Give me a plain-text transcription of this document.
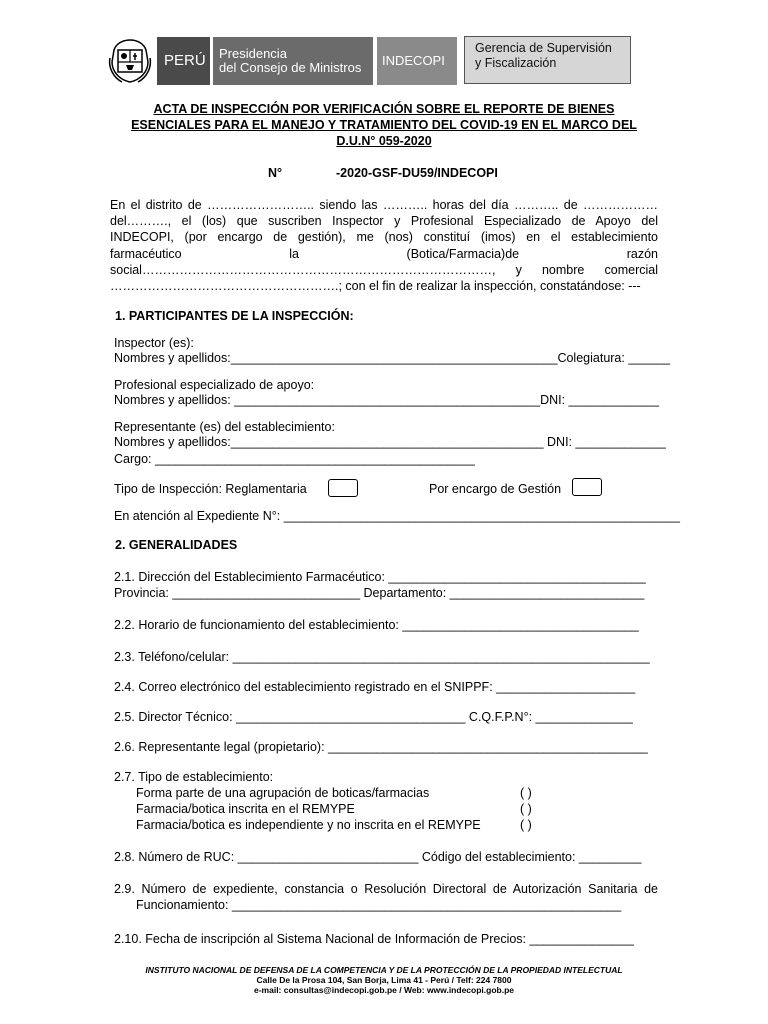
PERÚ Presidencia
del Consejo de Ministros INDECOPI
Gerencia de Supervisión
y Fiscalización
ACTA DE INSPECCIÓN POR VERIFICACIÓN SOBRE EL REPORTE DE BIENES
ESENCIALES PARA EL MANEJO Y TRATAMIENTO DEL COVID-19 EN EL MARCO DEL
D.U.N° 059-2020
N°	-2020-GSF-DU59/INDECOPI
En el distrito de …………………….. siendo las ……….. horas del día ……….. de ………………
del………., el (los) que suscriben Inspector y Profesional Especializado de Apoyo del
INDECOPI, (por encargo de gestión), me (nos) constituí (imos) en el establecimiento
farmacéutico la (Botica/Farmacia)de razón
social…………………………………………………………………………, y nombre comercial
……………………………………………….; con el fin de realizar la inspección, constatándose: ---
1. PARTICIPANTES DE LA INSPECCIÓN:
Inspector (es):
Nombres y apellidos:_______________________________________________Colegiatura: ______
Profesional especializado de apoyo:
Nombres y apellidos: ____________________________________________DNI: _____________
Representante (es) del establecimiento:
Nombres y apellidos:_____________________________________________ DNI: _____________
Cargo: ______________________________________________
Tipo de Inspección: Reglamentaria	Por encargo de Gestión
En atención al Expediente N°: _________________________________________________________
2. GENERALIDADES
2.1. Dirección del Establecimiento Farmacéutico: _____________________________________
Provincia: ___________________________ Departamento: ____________________________
2.2. Horario de funcionamiento del establecimiento: __________________________________
2.3. Teléfono/celular: ____________________________________________________________
2.4. Correo electrónico del establecimiento registrado en el SNIPPF: ____________________
2.5. Director Técnico: _________________________________ C.Q.F.P.N°: ______________
2.6. Representante legal (propietario): ______________________________________________
2.7. Tipo de establecimiento:
Forma parte de una agrupación de boticas/farmacias	( )
Farmacia/botica inscrita en el REMYPE	( )
Farmacia/botica es independiente y no inscrita en el REMYPE	( )
2.8. Número de RUC: __________________________ Código del establecimiento: _________
2.9. Número de expediente, constancia o Resolución Directoral de Autorización Sanitaria de
Funcionamiento: ________________________________________________________
2.10. Fecha de inscripción al Sistema Nacional de Información de Precios: _______________
INSTITUTO NACIONAL DE DEFENSA DE LA COMPETENCIA Y DE LA PROTECCIÓN DE LA PROPIEDAD INTELECTUAL
Calle De la Prosa 104, San Borja, Lima 41 - Perú / Telf: 224 7800
e-mail: consultas@indecopi.gob.pe / Web: www.indecopi.gob.pe
